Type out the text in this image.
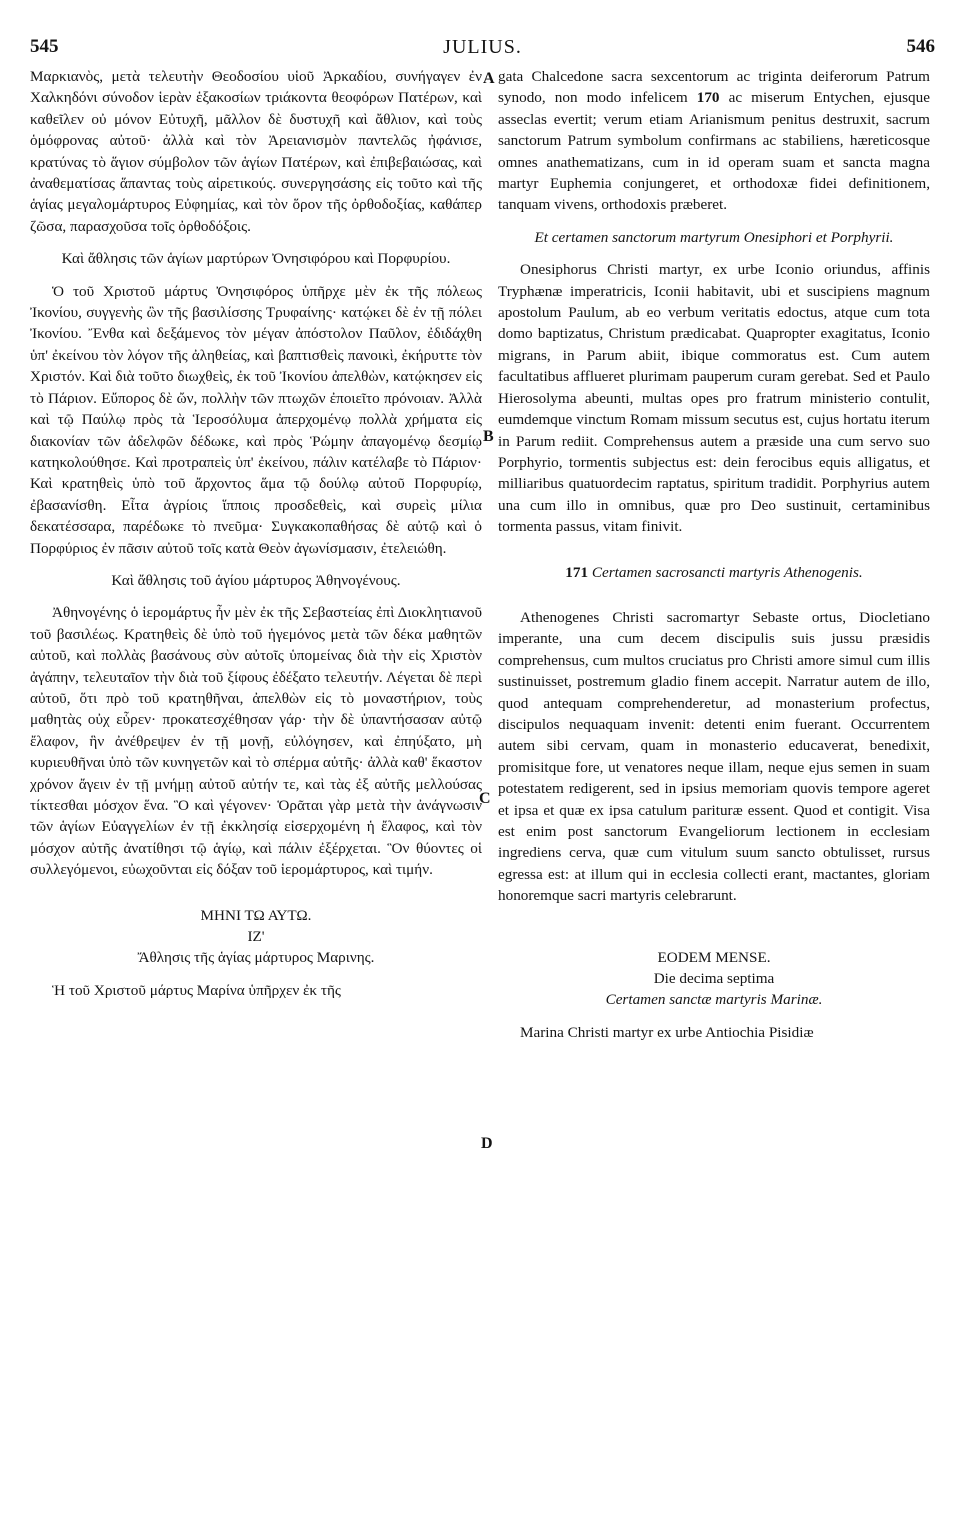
545	JULIUS.	546
A
B
C
D

Μαρκιανὸς, μετὰ τελευτὴν Θεοδοσίου υἱοῦ Ἀρκαδίου, συνήγαγεν ἐν Χαλκηδόνι σύνοδον ἱερὰν ἑξακοσίων τριάκοντα θεοφόρων Πατέρων, καὶ καθεῖλεν οὐ μόνον Εὐτυχῆ, μᾶλλον δὲ δυστυχῆ καὶ ἄθλιον, καὶ τοὺς ὁμόφρονας αὐτοῦ· ἀλλὰ καὶ τὸν Ἀρειανισμὸν παντελῶς ἠφάνισε, κρατύνας τὸ ἅγιον σύμβολον τῶν ἁγίων Πατέρων, καὶ ἐπιβεβαιώσας, καὶ ἀναθεματίσας ἅπαντας τοὺς αἱρετικούς. συνεργησάσης εἰς τοῦτο καὶ τῆς ἁγίας μεγαλομάρτυρος Εὐφημίας, καὶ τὸν ὅρον τῆς ὀρθοδοξίας, καθάπερ ζῶσα, παρασχοῦσα τοῖς ὀρθοδόξοις.

Καὶ ἄθλησις τῶν ἁγίων μαρτύρων Ὀνησιφόρου καὶ Πορφυρίου.

Ὁ τοῦ Χριστοῦ μάρτυς Ὀνησιφόρος ὑπῆρχε μὲν ἐκ τῆς πόλεως Ἰκονίου, συγγενὴς ὢν τῆς βασιλίσσης Τρυφαίνης· κατῴκει δὲ ἐν τῇ πόλει Ἰκονίου. Ἔνθα καὶ δεξάμενος τὸν μέγαν ἀπόστολον Παῦλον, ἐδιδάχθη ὑπ' ἐκείνου τὸν λόγον τῆς ἀληθείας, καὶ βαπτισθεὶς πανοικὶ, ἐκήρυττε τὸν Χριστόν. Καὶ διὰ τοῦτο διωχθεὶς, ἐκ τοῦ Ἰκονίου ἀπελθὼν, κατῴκησεν εἰς τὸ Πάριον. Εὔπορος δὲ ὤν, πολλὴν τῶν πτωχῶν ἐποιεῖτο πρόνοιαν. Ἀλλὰ καὶ τῷ Παύλῳ πρὸς τὰ Ἱεροσόλυμα ἀπερχομένῳ πολλὰ χρήματα εἰς διακονίαν τῶν ἀδελφῶν δέδωκε, καὶ πρὸς Ῥώμην ἀπαγομένῳ δεσμίῳ κατηκολούθησε. Καὶ προτραπεὶς ὑπ' ἐκείνου, πάλιν κατέλαβε τὸ Πάριον· Καὶ κρατηθεὶς ὑπὸ τοῦ ἄρχοντος ἅμα τῷ δούλῳ αὐτοῦ Πορφυρίῳ, ἐβασανίσθη. Εἶτα ἀγρίοις ἵπποις προσδεθεὶς, καὶ συρεὶς μίλια δεκατέσσαρα, παρέδωκε τὸ πνεῦμα· Συγκακοπαθήσας δὲ αὐτῷ καὶ ὁ Πορφύριος ἐν πᾶσιν αὐτοῦ τοῖς κατὰ Θεὸν ἀγωνίσμασιν, ἐτελειώθη.

Καὶ ἄθλησις τοῦ ἁγίου μάρτυρος Ἀθηνογένους.

Ἀθηνογένης ὁ ἱερομάρτυς ἦν μὲν ἐκ τῆς Σεβαστείας ἐπὶ Διοκλητιανοῦ τοῦ βασιλέως. Κρατηθεὶς δὲ ὑπὸ τοῦ ἡγεμόνος μετὰ τῶν δέκα μαθητῶν αὐτοῦ, καὶ πολλὰς βασάνους σὺν αὐτοῖς ὑπομείνας διὰ τὴν εἰς Χριστὸν ἀγάπην, τελευταῖον τὴν διὰ τοῦ ξίφους ἐδέξατο τελευτήν. Λέγεται δὲ περὶ αὐτοῦ, ὅτι πρὸ τοῦ κρατηθῆναι, ἀπελθὼν εἰς τὸ μοναστήριον, τοὺς μαθητὰς οὐχ εὗρεν· προκατεσχέθησαν γάρ· τὴν δὲ ὑπαντήσασαν αὐτῷ ἔλαφον, ἣν ἀνέθρεψεν ἐν τῇ μονῇ, εὐλόγησεν, καὶ ἐπηύξατο, μὴ κυριευθῆναι ὑπὸ τῶν κυνηγετῶν καὶ τὸ σπέρμα αὐτῆς· ἀλλὰ καθ' ἕκαστον χρόνον ἄγειν ἐν τῇ μνήμῃ αὐτοῦ αὐτήν τε, καὶ τὰς ἐξ αὐτῆς μελλούσας τίκτεσθαι μόσχον ἕνα. Ὃ καὶ γέγονεν· Ὁρᾶται γὰρ μετὰ τὴν ἀνάγνωσιν τῶν ἁγίων Εὐαγγελίων ἐν τῇ ἐκκλησίᾳ εἰσερχομένη ἡ ἔλαφος, καὶ τὸν μόσχον αὐτῆς ἀνατίθησι τῷ ἁγίῳ, καὶ πάλιν ἐξέρχεται. Ὃν θύοντες οἱ συλλεγόμενοι, εὐωχοῦνται εἰς δόξαν τοῦ ἱερομάρτυρος, καὶ τιμήν.

ΜΗΝΙ ΤΩ ΑΥΤΩ.
ΙΖ'
Ἄθλησις τῆς ἁγίας μάρτυρος Μαρινης.

Ἡ τοῦ Χριστοῦ μάρτυς Μαρίνα ὑπῆρχεν ἐκ τῆς

gata Chalcedone sacra sexcentorum ac triginta deiferorum Patrum synodo, non modo infelicem 170 ac miserum Entychen, ejusque asseclas evertit; verum etiam Arianismum penitus destruxit, sacrum sanctorum Patrum symbolum confirmans ac stabiliens, hæreticosque omnes anathematizans, cum in id operam suam et sancta magna martyr Euphemia conjungeret, et orthodoxæ fidei definitionem, tanquam vivens, orthodoxis præberet.

Et certamen sanctorum martyrum Onesiphori et Porphyrii.

Onesiphorus Christi martyr, ex urbe Iconio oriundus, affinis Tryphænæ imperatricis, Iconii habitavit, ubi et suscipiens magnum apostolum Paulum, ab eo verbum veritatis edoctus, atque cum tota domo baptizatus, Christum prædicabat. Quapropter exagitatus, Iconio migrans, in Parum abiit, ibique commoratus est. Cum autem facultatibus afflueret plurimam pauperum curam gerebat. Sed et Paulo Hierosolyma abeunti, multas opes pro fratrum ministerio contulit, eumdemque vinctum Romam missum secutus est, cujus hortatu iterum in Parum rediit. Comprehensus autem a præside una cum servo suo Porphyrio, tormentis subjectus est: dein ferocibus equis alligatus, et milliaribus quatuordecim raptatus, spiritum tradidit. Porphyrius autem una cum illo in omnibus, quæ pro Deo sustinuit, certaminibus tormenta passus, vitam finivit.

171 Certamen sacrosancti martyris Athenogenis.

Athenogenes Christi sacromartyr Sebaste ortus, Diocletiano imperante, una cum decem discipulis suis jussu præsidis comprehensus, cum multos cruciatus pro Christi amore simul cum illis sustinuisset, postremum gladio finem accepit. Narratur autem de illo, quod antequam comprehenderetur, ad monasterium profectus, discipulos nequaquam invenit: detenti enim fuerant. Occurrentem autem sibi cervam, quam in monasterio educaverat, benedixit, promisitque fore, ut venatores neque illam, neque ejus semen in suam potestatem redigerent, sed in ipsius memoriam quovis tempore ageret et ipsa et quæ ex ipsa catulum parituræ essent. Quod et contigit. Visa est enim post sanctorum Evangeliorum lectionem in ecclesiam ingrediens cerva, quæ cum vitulum suum sancto obtulisset, rursus egressa est: at illum qui in ecclesia collecti erant, mactantes, gloriam honoremque sacri martyris celebrarunt.

EODEM MENSE.
Die decima septima
Certamen sanctæ martyris Marinæ.

Marina Christi martyr ex urbe Antiochia Pisidiæ
